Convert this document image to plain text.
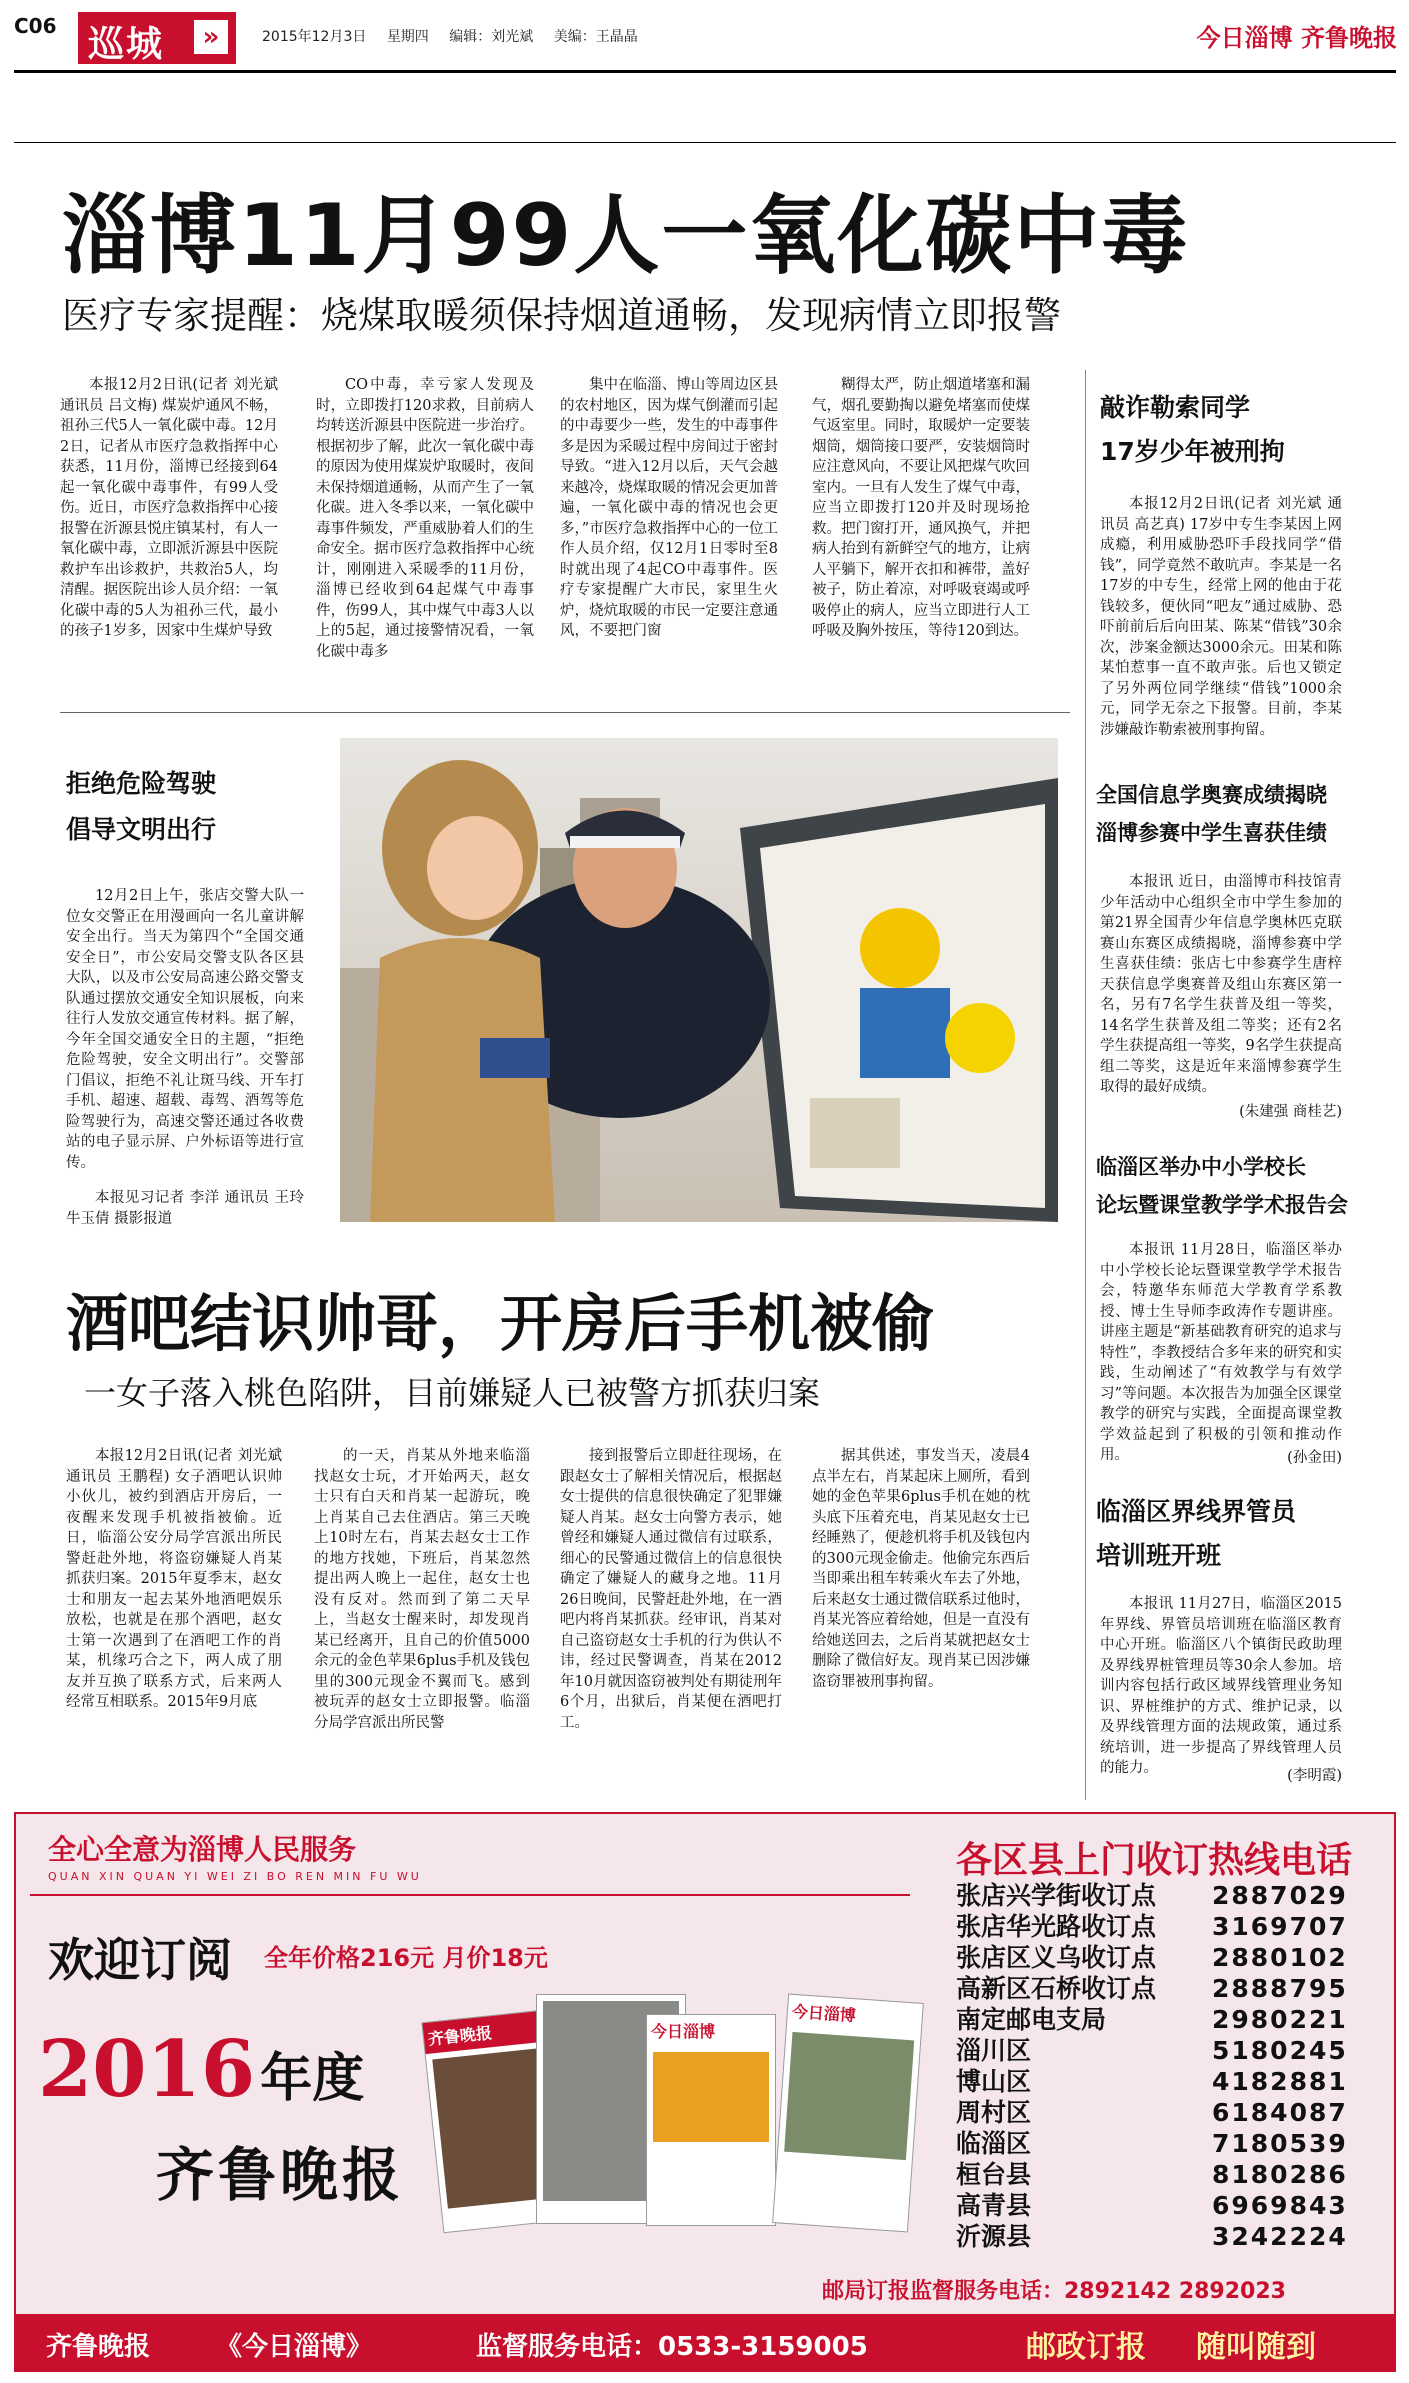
C06 巡城	»	2015年12月3日 星期四 编辑：刘光斌 美编：王晶晶	今日淄博 齐鲁晚报
淄博11月99人一氧化碳中毒
医疗专家提醒：烧煤取暖须保持烟道通畅，发现病情立即报警

本报12月2日讯(记者 刘光斌 通讯员 吕文梅) 煤炭炉通风不畅，祖孙三代5人一氧化碳中毒。12月2日，记者从市医疗急救指挥中心获悉，11月份，淄博已经接到64起一氧化碳中毒事件，有99人受伤。近日，市医疗急救指挥中心接报警在沂源县悦庄镇某村，有人一氧化碳中毒，立即派沂源县中医院救护车出诊救护，共救治5人，均清醒。据医院出诊人员介绍：一氧化碳中毒的5人为祖孙三代，最小的孩子1岁多，因家中生煤炉导致

CO中毒，幸亏家人发现及时，立即拨打120求救，目前病人均转送沂源县中医院进一步治疗。根据初步了解，此次一氧化碳中毒的原因为使用煤炭炉取暖时，夜间未保持烟道通畅，从而产生了一氧化碳。进入冬季以来，一氧化碳中毒事件频发，严重威胁着人们的生命安全。据市医疗急救指挥中心统计，刚刚进入采暖季的11月份，淄博已经收到64起煤气中毒事件，伤99人，其中煤气中毒3人以上的5起，通过接警情况看，一氧化碳中毒多

集中在临淄、博山等周边区县的农村地区，因为煤气倒灌而引起的中毒要少一些，发生的中毒事件多是因为采暖过程中房间过于密封导致。“进入12月以后，天气会越来越冷，烧煤取暖的情况会更加普遍，一氧化碳中毒的情况也会更多，”市医疗急救指挥中心的一位工作人员介绍，仅12月1日零时至8时就出现了4起CO中毒事件。医疗专家提醒广大市民，家里生火炉，烧炕取暖的市民一定要注意通风，不要把门窗

糊得太严，防止烟道堵塞和漏气，烟孔要勤掏以避免堵塞而使煤气返室里。同时，取暖炉一定要装烟筒，烟筒接口要严，安装烟筒时应注意风向，不要让风把煤气吹回室内。一旦有人发生了煤气中毒，应当立即拨打120并及时现场抢救。把门窗打开，通风换气，并把病人抬到有新鲜空气的地方，让病人平躺下，解开衣扣和裤带，盖好被子，防止着凉，对呼吸衰竭或呼吸停止的病人，应当立即进行人工呼吸及胸外按压，等待120到达。

拒绝危险驾驶
倡导文明出行

12月2日上午，张店交警大队一位女交警正在用漫画向一名儿童讲解安全出行。当天为第四个“全国交通安全日”，市公安局交警支队各区县大队，以及市公安局高速公路交警支队通过摆放交通安全知识展板，向来往行人发放交通宣传材料。据了解，今年全国交通安全日的主题，“拒绝危险驾驶，安全文明出行”。交警部门倡议，拒绝不礼让斑马线、开车打手机、超速、超载、毒驾、酒驾等危险驾驶行为，高速交警还通过各收费站的电子显示屏、户外标语等进行宣传。

本报见习记者 李洋 通讯员 王玲 牛玉倩 摄影报道

酒吧结识帅哥，开房后手机被偷
一女子落入桃色陷阱，目前嫌疑人已被警方抓获归案

本报12月2日讯(记者 刘光斌 通讯员 王鹏程) 女子酒吧认识帅小伙儿，被约到酒店开房后，一夜醒来发现手机被指被偷。近日，临淄公安分局学宫派出所民警赶赴外地，将盗窃嫌疑人肖某抓获归案。2015年夏季末，赵女士和朋友一起去某外地酒吧娱乐放松，也就是在那个酒吧，赵女士第一次遇到了在酒吧工作的肖某，机缘巧合之下，两人成了朋友并互换了联系方式，后来两人经常互相联系。2015年9月底

的一天，肖某从外地来临淄找赵女士玩，才开始两天，赵女士只有白天和肖某一起游玩，晚上肖某自己去住酒店。第三天晚上10时左右，肖某去赵女士工作的地方找她，下班后，肖某忽然提出两人晚上一起住，赵女士也没有反对。然而到了第二天早上，当赵女士醒来时，却发现肖某已经离开，且自己的价值5000余元的金色苹果6plus手机及钱包里的300元现金不翼而飞。感到被玩弄的赵女士立即报警。临淄分局学宫派出所民警

接到报警后立即赶往现场，在跟赵女士了解相关情况后，根据赵女士提供的信息很快确定了犯罪嫌疑人肖某。赵女士向警方表示，她曾经和嫌疑人通过微信有过联系，细心的民警通过微信上的信息很快确定了嫌疑人的藏身之地。11月26日晚间，民警赶赴外地，在一酒吧内将肖某抓获。经审讯，肖某对自己盗窃赵女士手机的行为供认不讳，经过民警调查，肖某在2012年10月就因盗窃被判处有期徒刑年6个月，出狱后，肖某便在酒吧打工。

据其供述，事发当天，凌晨4点半左右，肖某起床上厕所，看到她的金色苹果6plus手机在她的枕头底下压着充电，肖某见赵女士已经睡熟了，便趁机将手机及钱包内的300元现金偷走。他偷完东西后当即乘出租车转乘火车去了外地，后来赵女士通过微信联系过他时，肖某光答应着给她，但是一直没有给她送回去，之后肖某就把赵女士删除了微信好友。现肖某已因涉嫌盗窃罪被刑事拘留。

敲诈勒索同学
17岁少年被刑拘

本报12月2日讯(记者 刘光斌 通讯员 高艺真) 17岁中专生李某因上网成瘾，利用威胁恐吓手段找同学“借钱”，同学竟然不敢吭声。李某是一名17岁的中专生，经常上网的他由于花钱较多，便伙同“吧友”通过威胁、恐吓前前后后向田某、陈某“借钱”30余次，涉案金额达3000余元。田某和陈某怕惹事一直不敢声张。后也又锁定了另外两位同学继续“借钱”1000余元，同学无奈之下报警。目前，李某涉嫌敲诈勒索被刑事拘留。

全国信息学奥赛成绩揭晓
淄博参赛中学生喜获佳绩

本报讯 近日，由淄博市科技馆青少年活动中心组织全市中学生参加的第21界全国青少年信息学奥林匹克联赛山东赛区成绩揭晓，淄博参赛中学生喜获佳绩：张店七中参赛学生唐梓天获信息学奥赛普及组山东赛区第一名，另有7名学生获普及组一等奖，14名学生获普及组二等奖；还有2名学生获提高组一等奖，9名学生获提高组二等奖，这是近年来淄博参赛学生取得的最好成绩。

(朱建强 商桂艺)
临淄区举办中小学校长
论坛暨课堂教学学术报告会

本报讯 11月28日，临淄区举办中小学校长论坛暨课堂教学学术报告会，特邀华东师范大学教育学系教授、博士生导师李政涛作专题讲座。讲座主题是“新基础教育研究的追求与特性”，李教授结合多年来的研究和实践，生动阐述了“有效教学与有效学习”等问题。本次报告为加强全区课堂教学的研究与实践，全面提高课堂教学效益起到了积极的引领和推动作用。	(孙金田)
临淄区界线界管员
培训班开班

本报讯 11月27日，临淄区2015年界线、界管员培训班在临淄区教育中心开班。临淄区八个镇街民政助理及界线界桩管理员等30余人参加。培训内容包括行政区域界线管理业务知识、界桩维护的方式、维护记录，以及界线管理方面的法规政策，通过系统培训，进一步提高了界线管理人员的能力。	(李明霞)
全心全意为淄博人民服务
QUAN XIN QUAN YI WEI ZI BO REN MIN FU WU
欢迎订阅 全年价格216元 月价18元
2016 年度
齐鲁晚报
齐鲁晚报	今日淄博
今日淄博
各区县上门收订热线电话
张店兴学街收订点 2887029
张店华光路收订点 3169707
张店区义乌收订点 2880102
高新区石桥收订点 2888795
南定邮电支局	2980221
淄川区	5180245
博山区	4182881
周村区	6184087
临淄区	7180539
桓台县	8180286
高青县	6969843
沂源县	3242224
邮局订报监督服务电话：2892142 2892023
齐鲁晚报	《今日淄博》	监督服务电话：0533-3159005	邮政订报 随叫随到
